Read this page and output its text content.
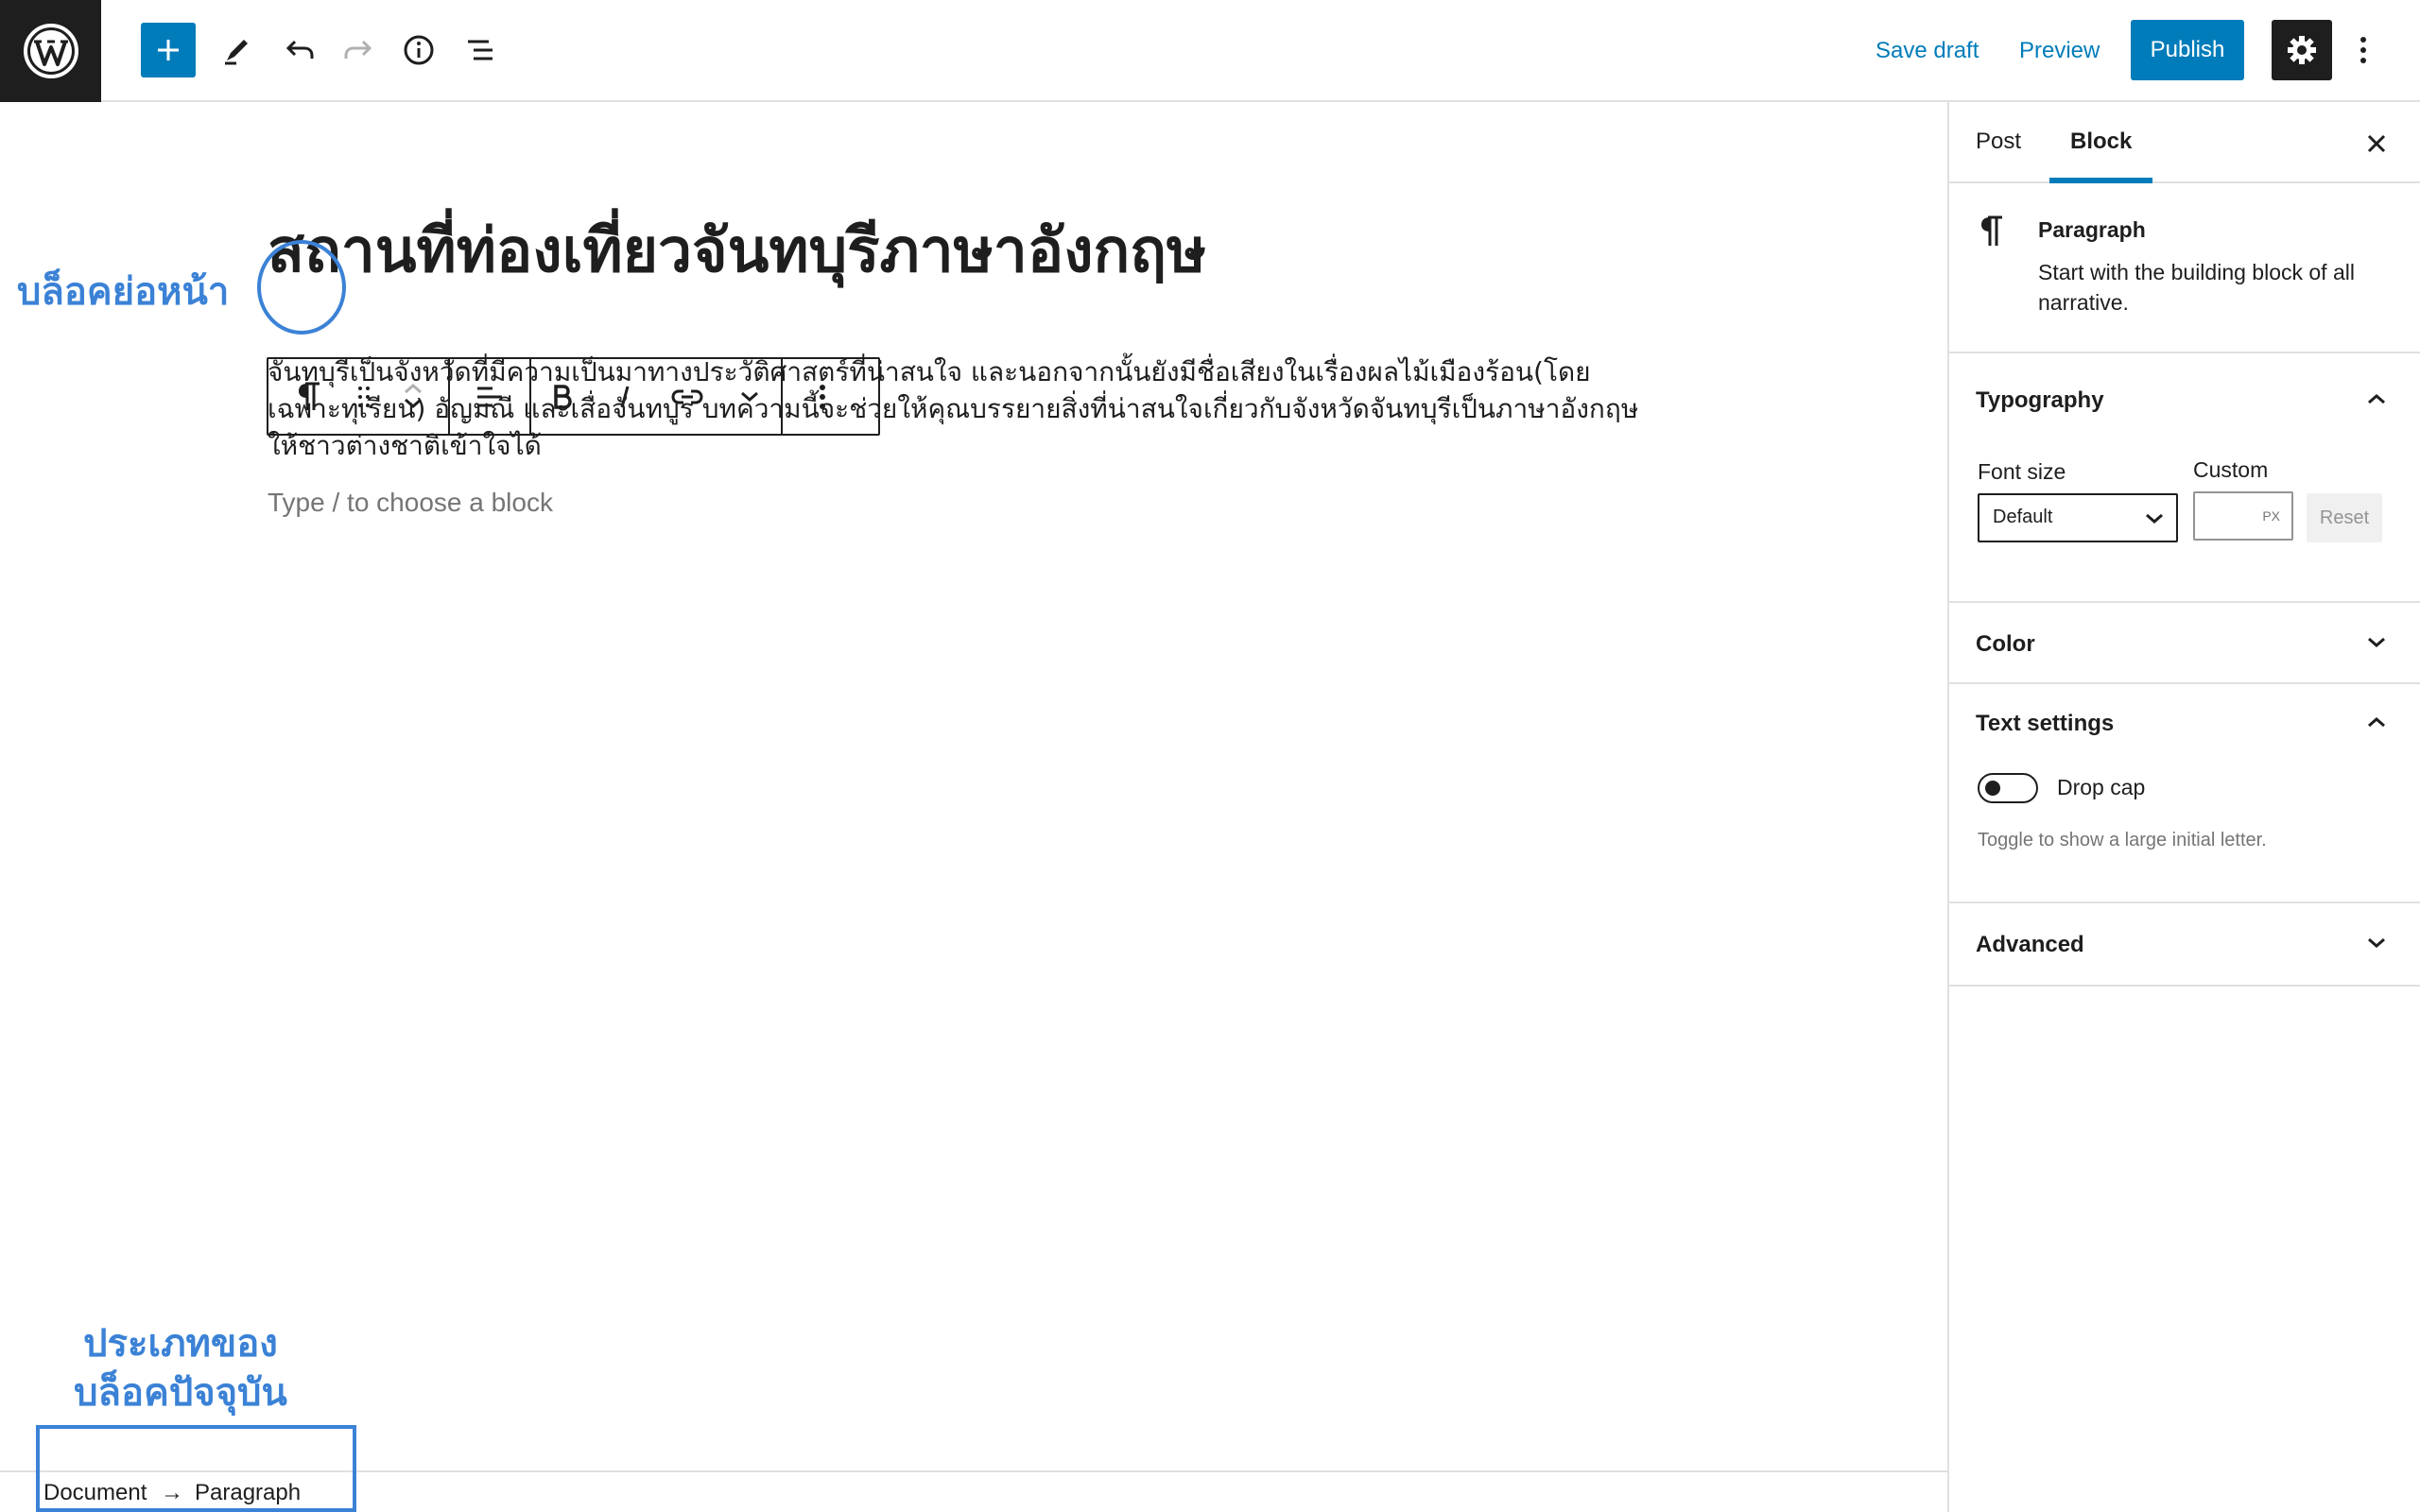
Save draft Preview	Publish
สถานที่ท่องเที่ยวจันทบุรีภาษาอังกฤษ

จันทบุรีเป็นจังหวัดที่มีความเป็นมาทางประวัติศาสตร์ที่น่าสนใจ และนอกจากนั้นยังมีชื่อเสียงในเรื่องผลไม้เมืองร้อน(โดยเฉพาะทุเรียน) อัญมณี และเสื่อจันทบูร บทความนี้จะช่วยให้คุณบรรยายสิ่งที่น่าสนใจเกี่ยวกับจังหวัดจันทบุรีเป็นภาษาอังกฤษให้ชาวต่างชาติเข้าใจได้

Type / to choose a block
บล็อคย่อหน้า
ประเภทของ
บล็อคปัจจุบัน
Document → Paragraph
Post	Block
Paragraph
Start with the building block of all narrative.
Typography
Font size	Custom
Default	PX	Reset
Color
Text settings
Drop cap
Toggle to show a large initial letter.
Advanced
